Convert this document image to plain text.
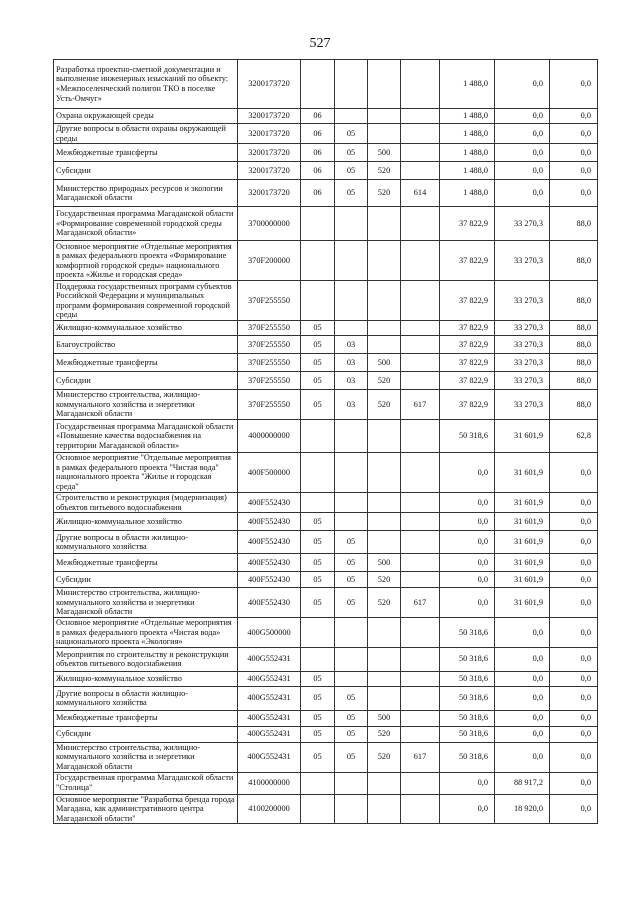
527
Разработка проектно-сметной документации и выполнение инженерных изысканий по объекту: «Межпоселенческий полигон ТКО в поселке Усть-Омчуг»	3200173720					1 488,0	0,0	0,0
Охрана окружающей среды	3200173720	06				1 488,0	0,0	0,0
Другие вопросы в области охраны окружающей среды	3200173720	06	05			1 488,0	0,0	0,0
Межбюджетные трансферты	3200173720	06	05	500		1 488,0	0,0	0,0
Субсидии	3200173720	06	05	520		1 488,0	0,0	0,0
Министерство природных ресурсов и экологии Магаданской области	3200173720	06	05	520	614	1 488,0	0,0	0,0
Государственная программа Магаданской области «Формирование современной городской среды Магаданской области»	3700000000					37 822,9	33 270,3	88,0
Основное мероприятие «Отдельные мероприятия в рамках федерального проекта «Формирование комфортной городской среды» национального проекта «Жилье и городская среда»	370F200000					37 822,9	33 270,3	88,0
Поддержка государственных программ субъектов Российской Федерации и муниципальных программ формирования современной городской среды	370F255550					37 822,9	33 270,3	88,0
Жилищно-коммунальное хозяйство	370F255550	05				37 822,9	33 270,3	88,0
Благоустройство	370F255550	05	03			37 822,9	33 270,3	88,0
Межбюджетные трансферты	370F255550	05	03	500		37 822,9	33 270,3	88,0
Субсидии	370F255550	05	03	520		37 822,9	33 270,3	88,0
Министерство строительства, жилищно-коммунального хозяйства и энергетики Магаданской области	370F255550	05	03	520	617	37 822,9	33 270,3	88,0
Государственная программа Магаданской области «Повышение качества водоснабжения на территории Магаданской области»	4000000000					50 318,6	31 601,9	62,8
Основное мероприятие "Отдельные мероприятия в рамках федерального проекта "Чистая вода" национального проекта "Жилье и городская среда"	400F500000					0,0	31 601,9	0,0
Строительство и реконструкция (модернизация) объектов питьевого водоснабжения	400F552430					0,0	31 601,9	0,0
Жилищно-коммунальное хозяйство	400F552430	05				0,0	31 601,9	0,0
Другие вопросы в области жилищно-коммунального хозяйства	400F552430	05	05			0,0	31 601,9	0,0
Межбюджетные трансферты	400F552430	05	05	500		0,0	31 601,9	0,0
Субсидии	400F552430	05	05	520		0,0	31 601,9	0,0
Министерство строительства, жилищно-коммунального хозяйства и энергетики Магаданской области	400F552430	05	05	520	617	0,0	31 601,9	0,0
Основное мероприятие «Отдельные мероприятия в рамках федерального проекта «Чистая вода» национального проекта «Экология»	400G500000					50 318,6	0,0	0,0
Мероприятия по строительству и реконструкции объектов питьевого водоснабжения	400G552431					50 318,6	0,0	0,0
Жилищно-коммунальное хозяйство	400G552431	05				50 318,6	0,0	0,0
Другие вопросы в области жилищно-коммунального хозяйства	400G552431	05	05			50 318,6	0,0	0,0
Межбюджетные трансферты	400G552431	05	05	500		50 318,6	0,0	0,0
Субсидии	400G552431	05	05	520		50 318,6	0,0	0,0
Министерство строительства, жилищно-коммунального хозяйства и энергетики Магаданской области	400G552431	05	05	520	617	50 318,6	0,0	0,0
Государственная программа Магаданской области "Столица"	4100000000					0,0	88 917,2	0,0
Основное мероприятие "Разработка бренда города Магадана, как административного центра Магаданской области"	4100200000					0,0	18 920,0	0,0
